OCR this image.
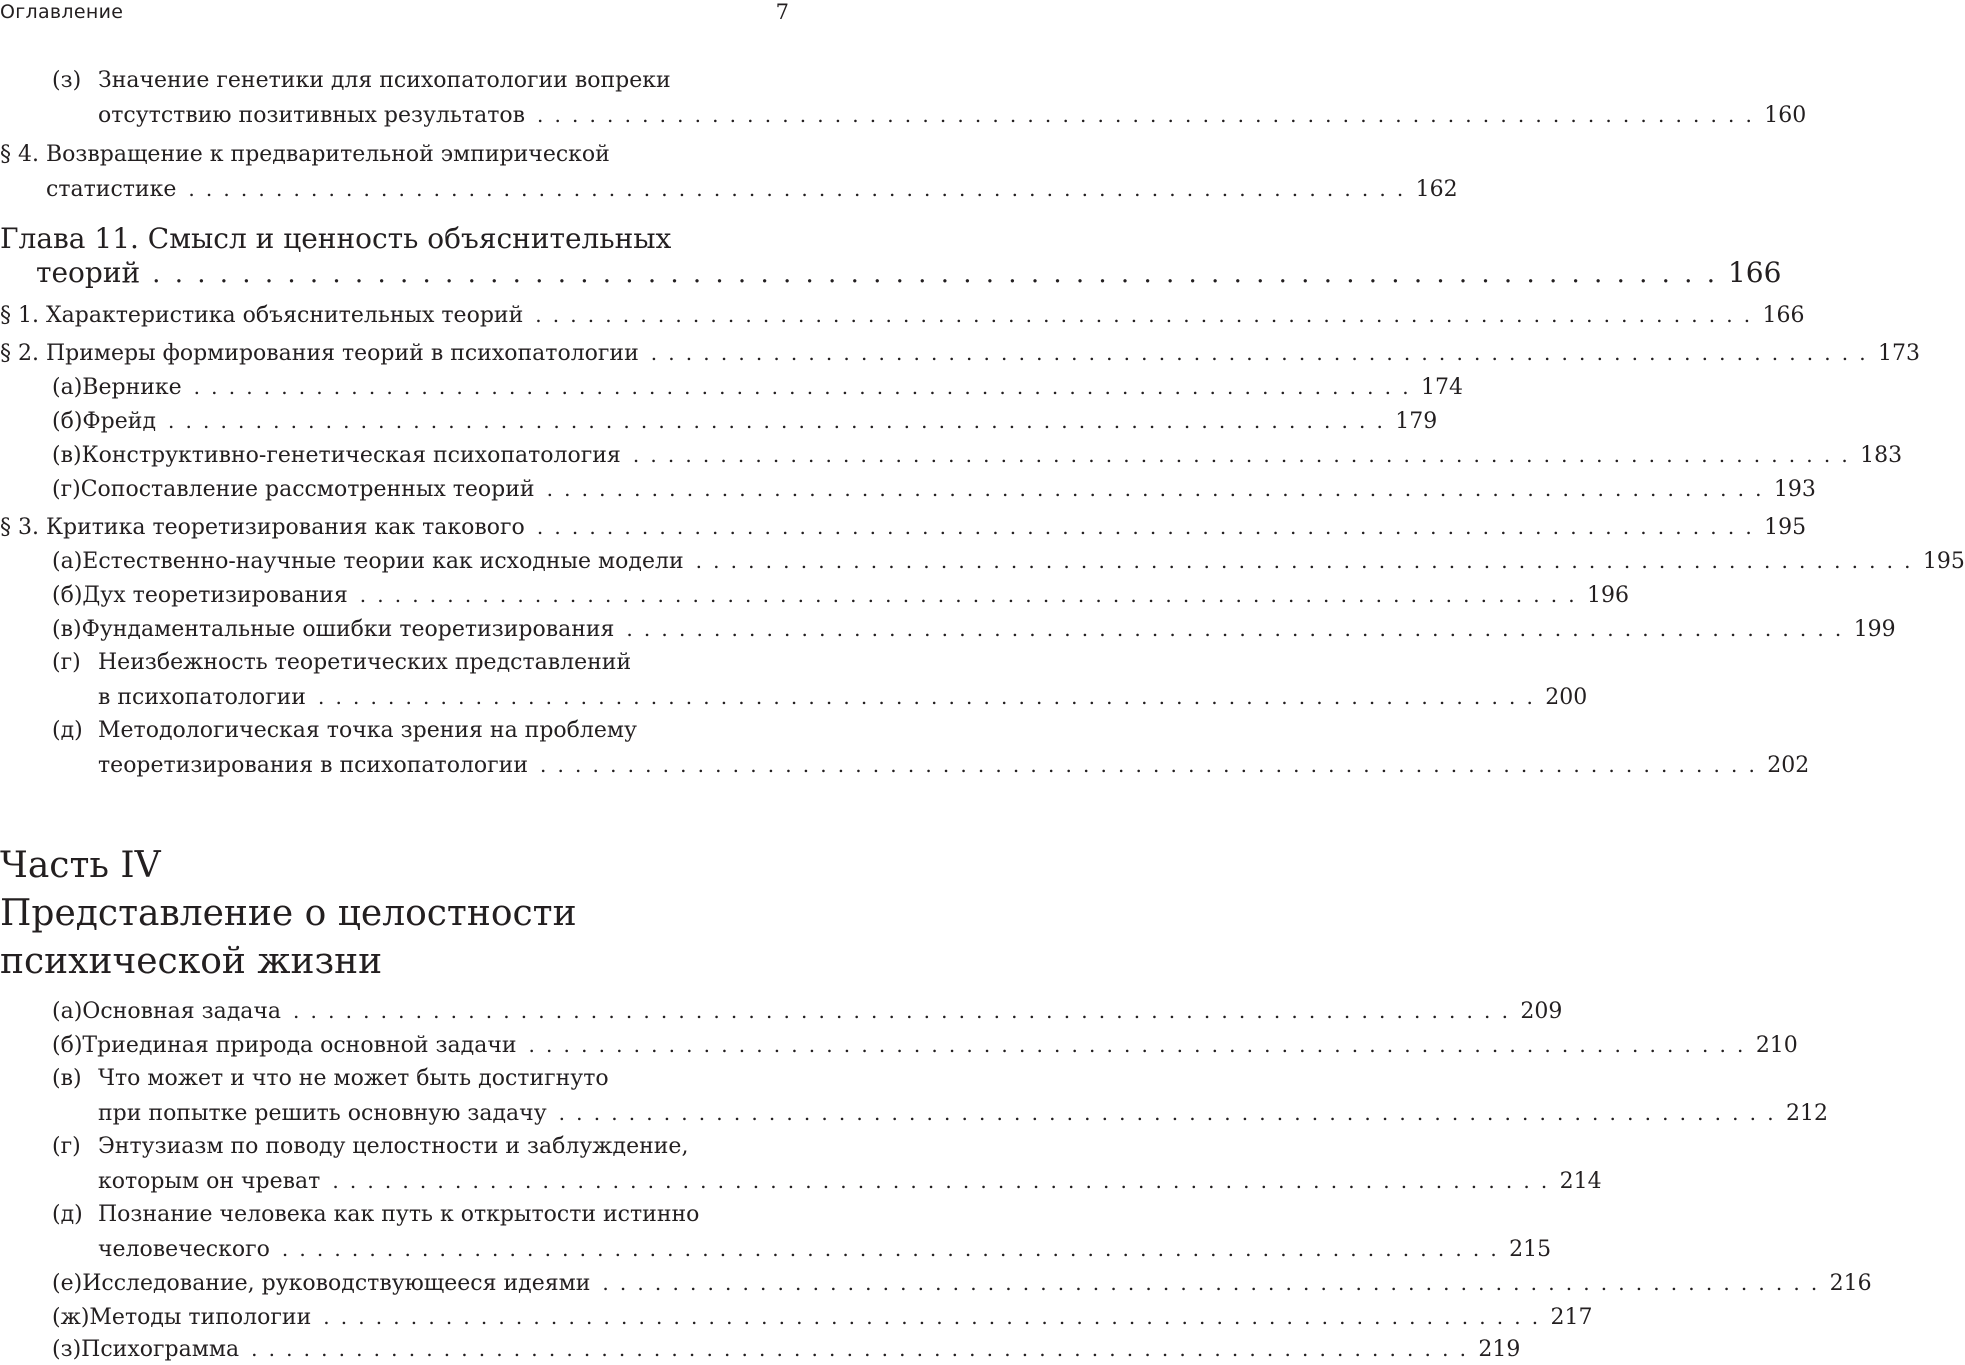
Оглавление	7
(з) Значение генетики для психопатологии вопреки
отсутствию позитивных результатов . . . . . . . . . . . . . . . . . . . . . . . . . . . . . . . . . . . . . . . . . . . . . . . . . . . . . . . . . . . . . . . . . . . . . . 160
§ 4. Возвращение к предварительной эмпирической
статистике . . . . . . . . . . . . . . . . . . . . . . . . . . . . . . . . . . . . . . . . . . . . . . . . . . . . . . . . . . . . . . . . . . . . . . 162
Глава 11. Смысл и ценность объяснительных
теорий . . . . . . . . . . . . . . . . . . . . . . . . . . . . . . . . . . . . . . . . . . . . . . . . . . . . . . . . . . . . . . . . . . . . . . 166
§ 1. Характеристика объяснительных теорий . . . . . . . . . . . . . . . . . . . . . . . . . . . . . . . . . . . . . . . . . . . . . . . . . . . . . . . . . . . . . . . . . . . . . . 166
§ 2. Примеры формирования теорий в психопатологии . . . . . . . . . . . . . . . . . . . . . . . . . . . . . . . . . . . . . . . . . . . . . . . . . . . . . . . . . . . . . . . . . . . . . . 173
(а) Вернике . . . . . . . . . . . . . . . . . . . . . . . . . . . . . . . . . . . . . . . . . . . . . . . . . . . . . . . . . . . . . . . . . . . . . . 174
(б) Фрейд . . . . . . . . . . . . . . . . . . . . . . . . . . . . . . . . . . . . . . . . . . . . . . . . . . . . . . . . . . . . . . . . . . . . . . 179
(в) Конструктивно-генетическая психопатология . . . . . . . . . . . . . . . . . . . . . . . . . . . . . . . . . . . . . . . . . . . . . . . . . . . . . . . . . . . . . . . . . . . . . . 183
(г) Сопоставление рассмотренных теорий . . . . . . . . . . . . . . . . . . . . . . . . . . . . . . . . . . . . . . . . . . . . . . . . . . . . . . . . . . . . . . . . . . . . . . 193
§ 3. Критика теоретизирования как такового . . . . . . . . . . . . . . . . . . . . . . . . . . . . . . . . . . . . . . . . . . . . . . . . . . . . . . . . . . . . . . . . . . . . . . 195
(а) Естественно-научные теории как исходные модели . . . . . . . . . . . . . . . . . . . . . . . . . . . . . . . . . . . . . . . . . . . . . . . . . . . . . . . . . . . . . . . . . . . . . . 195
(б) Дух теоретизирования . . . . . . . . . . . . . . . . . . . . . . . . . . . . . . . . . . . . . . . . . . . . . . . . . . . . . . . . . . . . . . . . . . . . . . 196
(в) Фундаментальные ошибки теоретизирования . . . . . . . . . . . . . . . . . . . . . . . . . . . . . . . . . . . . . . . . . . . . . . . . . . . . . . . . . . . . . . . . . . . . . . 199
(г) Неизбежность теоретических представлений
в психопатологии . . . . . . . . . . . . . . . . . . . . . . . . . . . . . . . . . . . . . . . . . . . . . . . . . . . . . . . . . . . . . . . . . . . . . . 200
(д) Методологическая точка зрения на проблему
теоретизирования в психопатологии . . . . . . . . . . . . . . . . . . . . . . . . . . . . . . . . . . . . . . . . . . . . . . . . . . . . . . . . . . . . . . . . . . . . . . 202
Часть IV
Представление о целостности
психической жизни
(а) Основная задача . . . . . . . . . . . . . . . . . . . . . . . . . . . . . . . . . . . . . . . . . . . . . . . . . . . . . . . . . . . . . . . . . . . . . . 209
(б) Триединая природа основной задачи . . . . . . . . . . . . . . . . . . . . . . . . . . . . . . . . . . . . . . . . . . . . . . . . . . . . . . . . . . . . . . . . . . . . . . 210
(в) Что может и что не может быть достигнуто
при попытке решить основную задачу . . . . . . . . . . . . . . . . . . . . . . . . . . . . . . . . . . . . . . . . . . . . . . . . . . . . . . . . . . . . . . . . . . . . . . 212
(г) Энтузиазм по поводу целостности и заблуждение,
которым он чреват . . . . . . . . . . . . . . . . . . . . . . . . . . . . . . . . . . . . . . . . . . . . . . . . . . . . . . . . . . . . . . . . . . . . . . 214
(д) Познание человека как путь к открытости истинно
человеческого . . . . . . . . . . . . . . . . . . . . . . . . . . . . . . . . . . . . . . . . . . . . . . . . . . . . . . . . . . . . . . . . . . . . . . 215
(е) Исследование, руководствующееся идеями . . . . . . . . . . . . . . . . . . . . . . . . . . . . . . . . . . . . . . . . . . . . . . . . . . . . . . . . . . . . . . . . . . . . . . 216
(ж) Методы типологии . . . . . . . . . . . . . . . . . . . . . . . . . . . . . . . . . . . . . . . . . . . . . . . . . . . . . . . . . . . . . . . . . . . . . . 217
(з) Психограмма . . . . . . . . . . . . . . . . . . . . . . . . . . . . . . . . . . . . . . . . . . . . . . . . . . . . . . . . . . . . . . . . . . . . . . 219
